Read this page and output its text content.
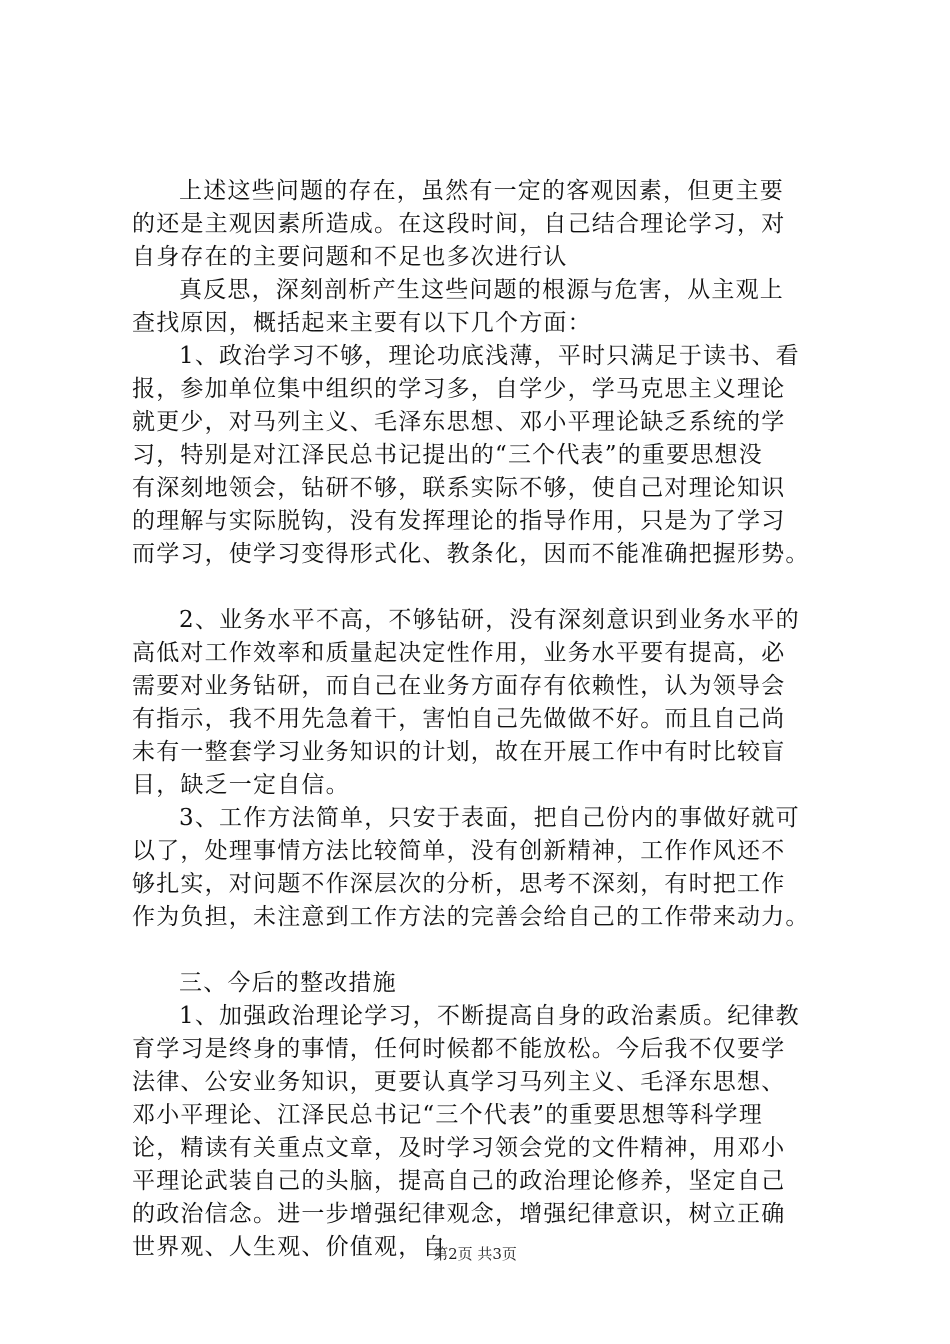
上述这些问题的存在，虽然有一定的客观因素，但更主要
的还是主观因素所造成。在这段时间，自己结合理论学习，对
自身存在的主要问题和不足也多次进行认
真反思，深刻剖析产生这些问题的根源与危害，从主观上
查找原因，概括起来主要有以下几个方面：
1、政治学习不够，理论功底浅薄，平时只满足于读书、看
报，参加单位集中组织的学习多，自学少，学马克思主义理论
就更少，对马列主义、毛泽东思想、邓小平理论缺乏系统的学
习，特别是对江泽民总书记提出的“三个代表”的重要思想没
有深刻地领会，钻研不够，联系实际不够，使自己对理论知识
的理解与实际脱钩，没有发挥理论的指导作用，只是为了学习
而学习，使学习变得形式化、教条化，因而不能准确把握形势。
2、业务水平不高，不够钻研，没有深刻意识到业务水平的
高低对工作效率和质量起决定性作用，业务水平要有提高，必
需要对业务钻研，而自己在业务方面存有依赖性，认为领导会
有指示，我不用先急着干，害怕自己先做做不好。而且自己尚
未有一整套学习业务知识的计划，故在开展工作中有时比较盲
目，缺乏一定自信。
3、工作方法简单，只安于表面，把自己份内的事做好就可
以了，处理事情方法比较简单，没有创新精神，工作作风还不
够扎实，对问题不作深层次的分析，思考不深刻，有时把工作
作为负担，未注意到工作方法的完善会给自己的工作带来动力。
三、今后的整改措施
1、加强政治理论学习，不断提高自身的政治素质。纪律教
育学习是终身的事情，任何时候都不能放松。今后我不仅要学
法律、公安业务知识，更要认真学习马列主义、毛泽东思想、
邓小平理论、江泽民总书记“三个代表”的重要思想等科学理
论，精读有关重点文章，及时学习领会党的文件精神，用邓小
平理论武装自己的头脑，提高自己的政治理论修养，坚定自己
的政治信念。进一步增强纪律观念，增强纪律意识，树立正确
世界观、人生观、价值观，自
第2页 共3页
